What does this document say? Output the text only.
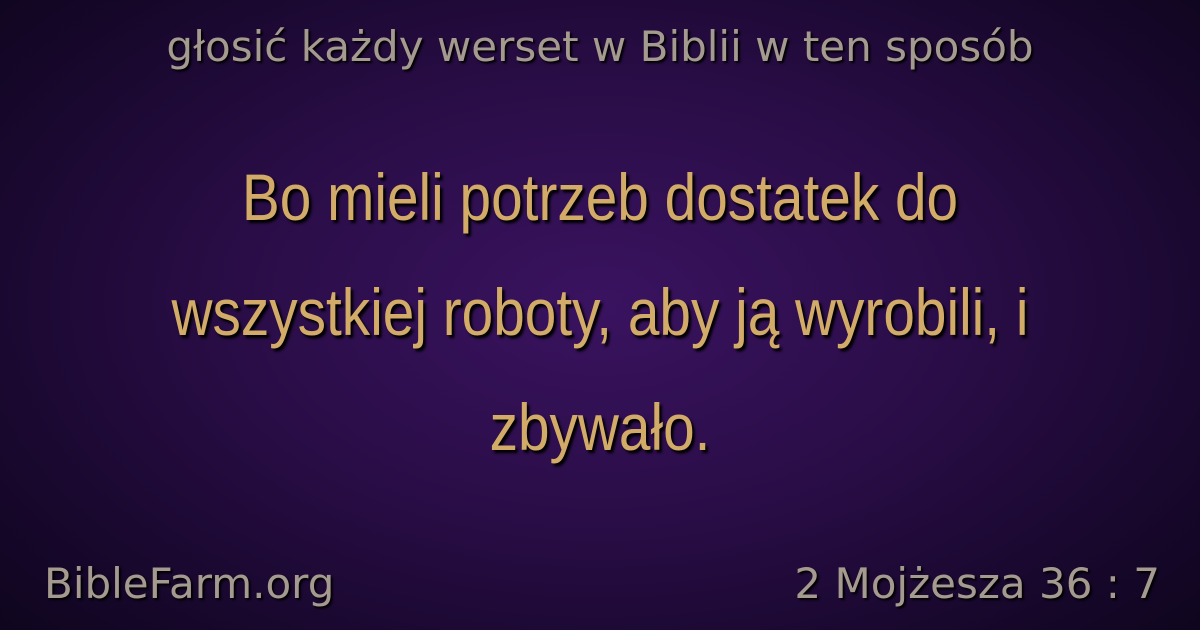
głosić każdy werset w Biblii w ten sposób
Bo mieli potrzeb dostatek do wszystkiej roboty, aby ją wyrobili, i zbywało.
BibleFarm.org	2 Mojżesza 36 : 7
